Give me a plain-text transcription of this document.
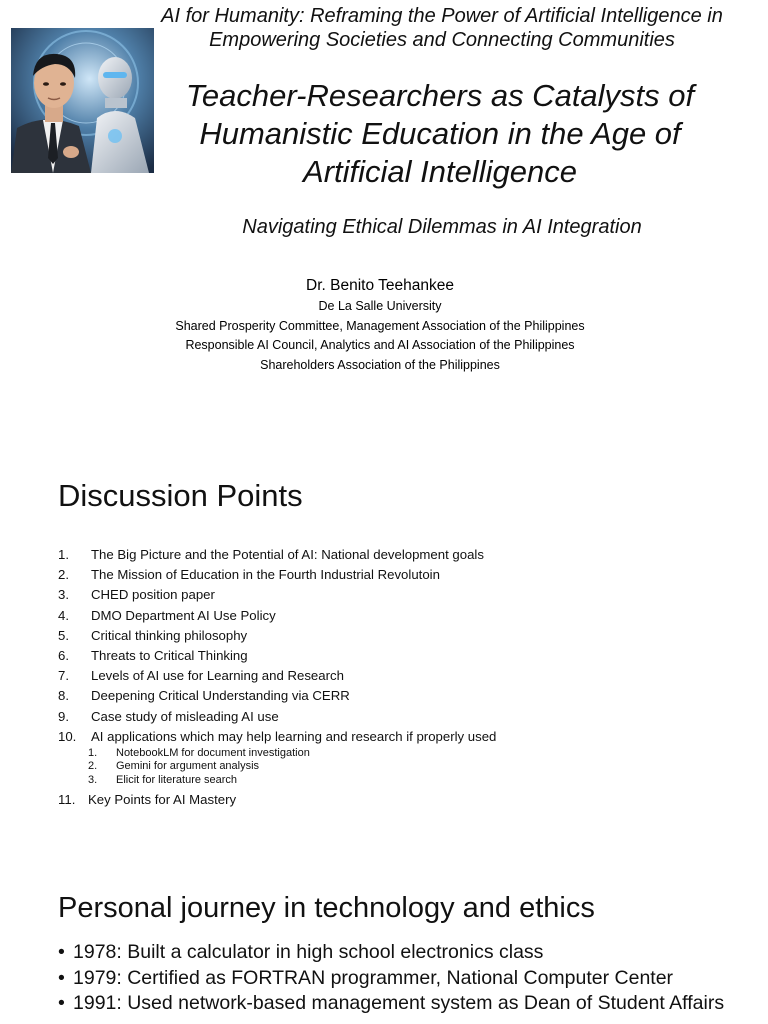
AI for Humanity: Reframing the Power of Artificial Intelligence in
Empowering Societies and Connecting Communities
Teacher-Researchers as Catalysts of
Humanistic Education in the Age of
Artificial Intelligence
Navigating Ethical Dilemmas in AI Integration
Dr. Benito Teehankee
De La Salle University
Shared Prosperity Committee, Management Association of the Philippines
Responsible AI Council, Analytics and AI Association of the Philippines
Shareholders Association of the Philippines
Discussion Points
1. The Big Picture and the Potential of AI: National development goals
2. The Mission of Education in the Fourth Industrial Revolutoin
3. CHED position paper
4. DMO Department AI Use Policy
5. Critical thinking philosophy
6. Threats to Critical Thinking
7. Levels of AI use for Learning and Research
8. Deepening Critical Understanding via CERR
9. Case study of misleading AI use
10. AI applications which may help learning and research if properly used
1. NotebookLM for document investigation
2. Gemini for argument analysis
3. Elicit for literature search
11. Key Points for AI Mastery
Personal journey in technology and ethics
• 1978: Built a calculator in high school electronics class
• 1979: Certified as FORTRAN programmer, National Computer Center
• 1991: Used network-based management system as Dean of Student Affairs
